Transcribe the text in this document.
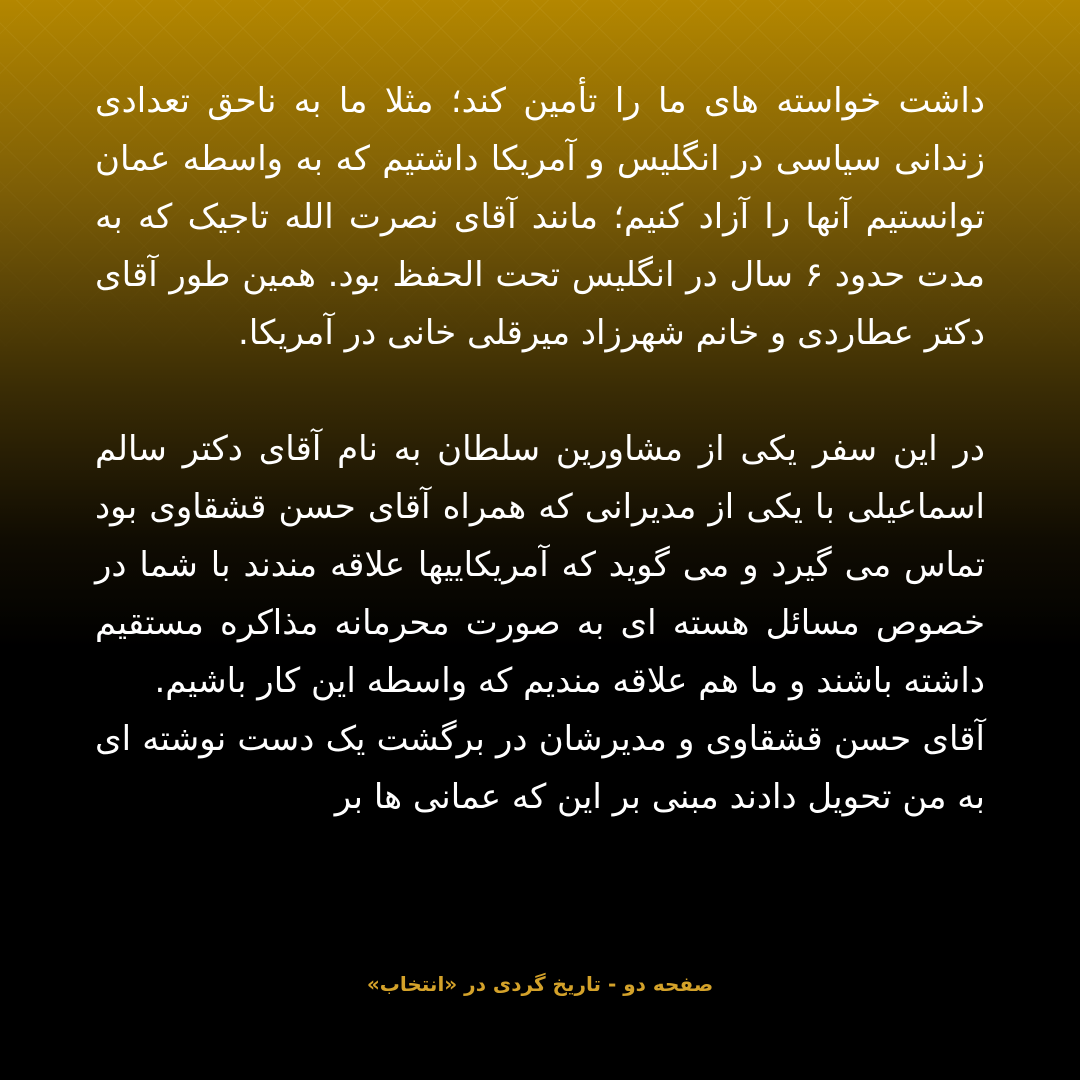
داشت خواسته های ما را تأمین کند؛ مثلا ما به ناحق تعدادی زندانی سیاسی در انگلیس و آمریکا داشتیم که به واسطه عمان توانستیم آنها را آزاد کنیم؛ مانند آقای نصرت الله تاجیک که به مدت حدود ۶ سال در انگلیس تحت الحفظ بود. همین طور آقای دکتر عطاردی و خانم شهرزاد میرقلی خانی در آمریکا.

در این سفر یکی از مشاورین سلطان به نام آقای دکتر سالم اسماعیلی با یکی از مدیرانی که همراه آقای حسن قشقاوی بود تماس می گیرد و می گوید که آمریکاییها علاقه مندند با شما در خصوص مسائل هسته ای به صورت محرمانه مذاکره مستقیم داشته باشند و ما هم علاقه مندیم که واسطه این کار باشیم.

آقای حسن قشقاوی و مدیرشان در برگشت یک دست نوشته ای به من تحویل دادند مبنی بر این که عمانی ها بر

صفحه دو - تاریخ گردی در «انتخاب»
